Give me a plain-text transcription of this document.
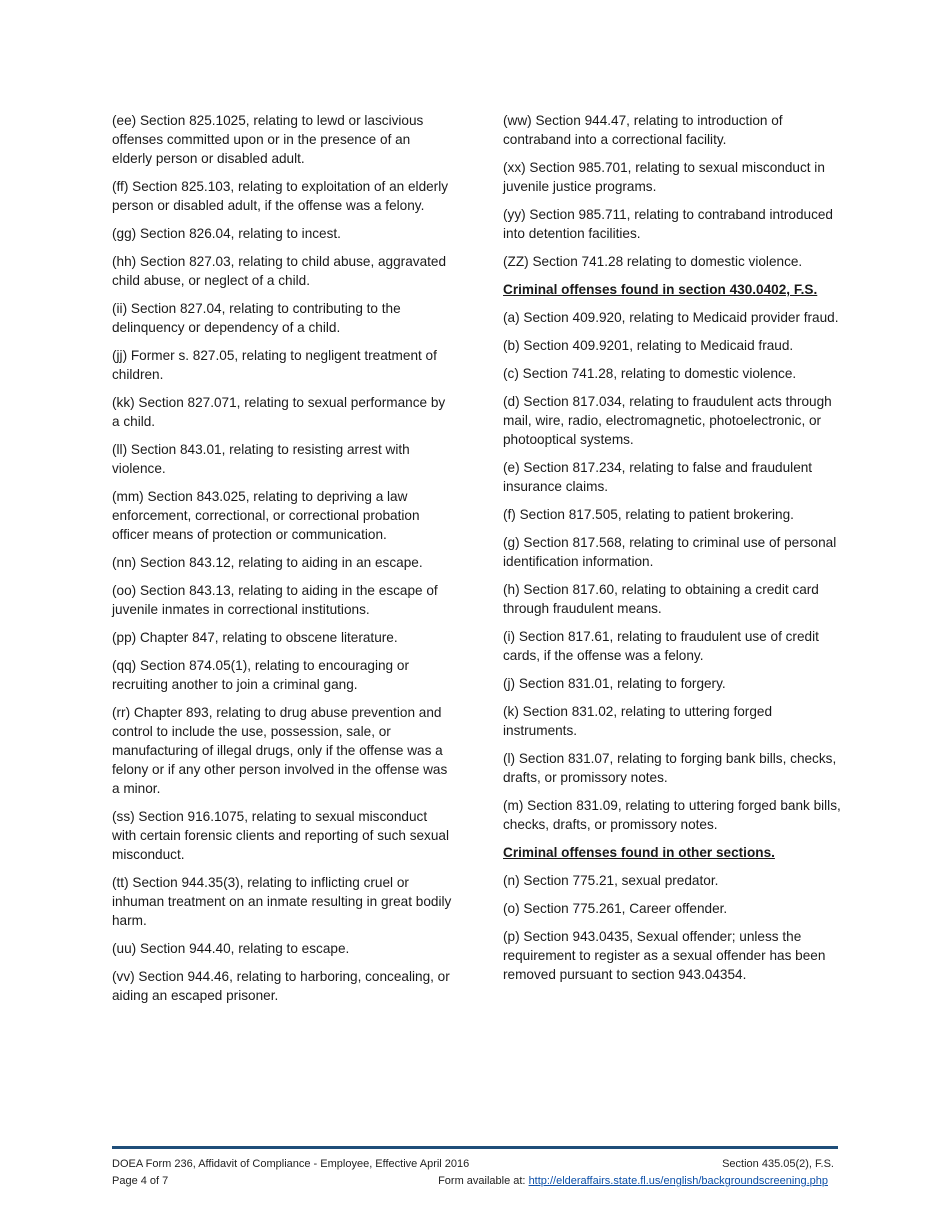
(ee) Section 825.1025, relating to lewd or lascivious offenses committed upon or in the presence of an elderly person or disabled adult.

(ff) Section 825.103, relating to exploitation of an elderly person or disabled adult, if the offense was a felony.

(gg) Section 826.04, relating to incest.

(hh) Section 827.03, relating to child abuse, aggravated child abuse, or neglect of a child.

(ii) Section 827.04, relating to contributing to the delinquency or dependency of a child.

(jj) Former s. 827.05, relating to negligent treatment of children.

(kk) Section 827.071, relating to sexual performance by a child.

(ll) Section 843.01, relating to resisting arrest with violence.

(mm) Section 843.025, relating to depriving a law enforcement, correctional, or correctional probation officer means of protection or communication.

(nn) Section 843.12, relating to aiding in an escape.

(oo) Section 843.13, relating to aiding in the escape of juvenile inmates in correctional institutions.

(pp) Chapter 847, relating to obscene literature.

(qq) Section 874.05(1), relating to encouraging or recruiting another to join a criminal gang.

(rr) Chapter 893, relating to drug abuse prevention and control to include the use, possession, sale, or manufacturing of illegal drugs, only if the offense was a felony or if any other person involved in the offense was a minor.

(ss) Section 916.1075, relating to sexual misconduct with certain forensic clients and reporting of such sexual misconduct.

(tt) Section 944.35(3), relating to inflicting cruel or inhuman treatment on an inmate resulting in great bodily harm.

(uu) Section 944.40, relating to escape.

(vv) Section 944.46, relating to harboring, concealing, or aiding an escaped prisoner.

(ww) Section 944.47, relating to introduction of contraband into a correctional facility.

(xx) Section 985.701, relating to sexual misconduct in juvenile justice programs.

(yy) Section 985.711, relating to contraband introduced into detention facilities.

(ZZ) Section 741.28 relating to domestic violence.

Criminal offenses found in section 430.0402, F.S.

(a) Section 409.920, relating to Medicaid provider fraud.

(b) Section 409.9201, relating to Medicaid fraud.

(c) Section 741.28, relating to domestic violence.

(d) Section 817.034, relating to fraudulent acts through mail, wire, radio, electromagnetic, photoelectronic, or photooptical systems.

(e) Section 817.234, relating to false and fraudulent insurance claims.

(f) Section 817.505, relating to patient brokering.

(g) Section 817.568, relating to criminal use of personal identification information.

(h) Section 817.60, relating to obtaining a credit card through fraudulent means.

(i) Section 817.61, relating to fraudulent use of credit cards, if the offense was a felony.

(j) Section 831.01, relating to forgery.

(k) Section 831.02, relating to uttering forged instruments.

(l) Section 831.07, relating to forging bank bills, checks, drafts, or promissory notes.

(m) Section 831.09, relating to uttering forged bank bills, checks, drafts, or promissory notes.

Criminal offenses found in other sections.

(n) Section 775.21, sexual predator.

(o) Section 775.261, Career offender.

(p) Section 943.0435, Sexual offender; unless the requirement to register as a sexual offender has been removed pursuant to section 943.04354.

DOEA Form 236, Affidavit of Compliance - Employee, Effective April 2016	Section 435.05(2), F.S.
Page 4 of 7	Form available at: http://elderaffairs.state.fl.us/english/backgroundscreening.php
